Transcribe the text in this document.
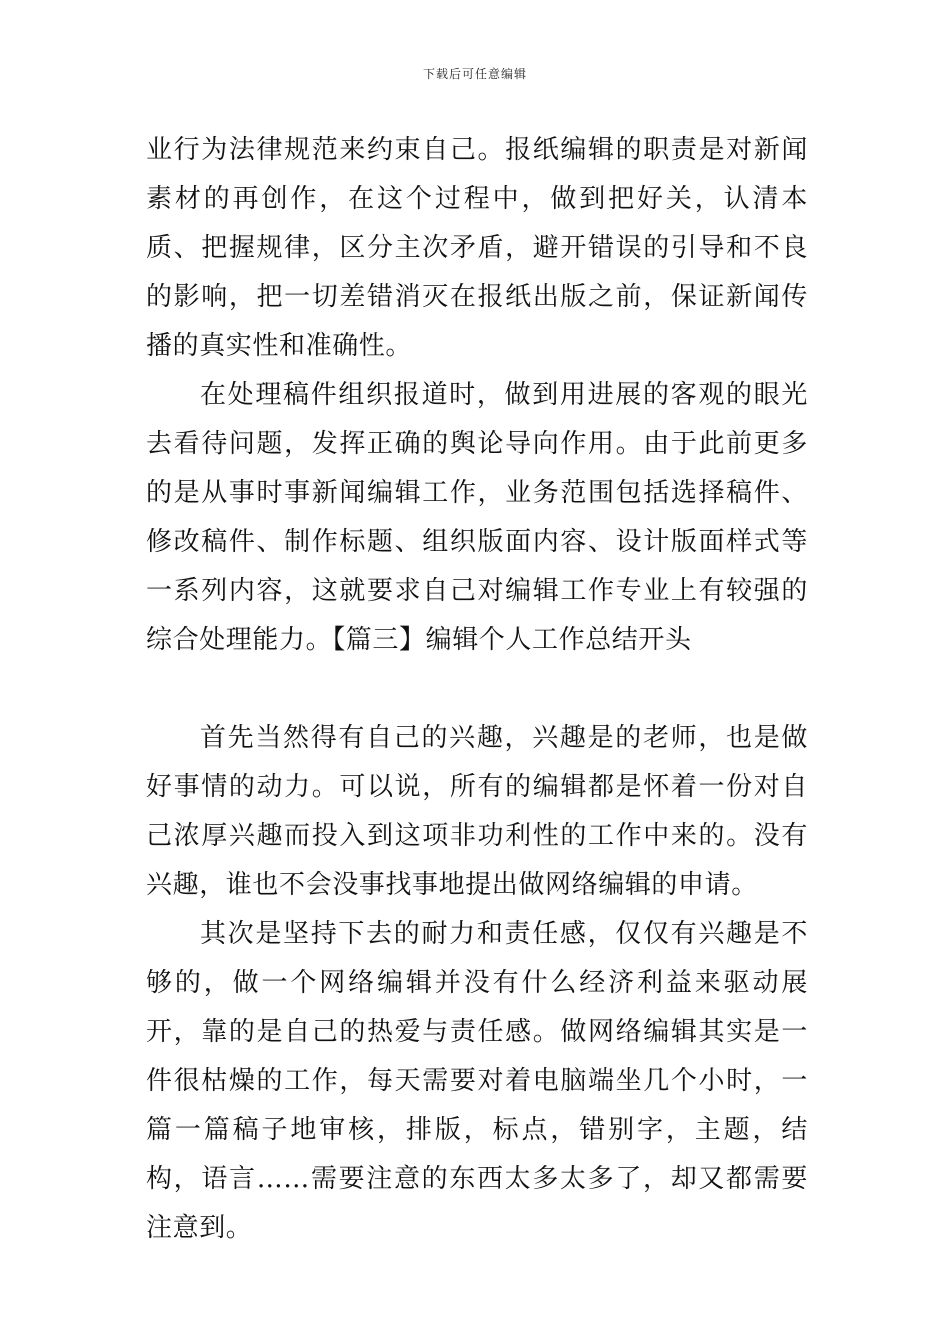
下载后可任意编辑

业行为法律规范来约束自己。报纸编辑的职责是对新闻素材的再创作，在这个过程中，做到把好关，认清本质、把握规律，区分主次矛盾，避开错误的引导和不良的影响，把一切差错消灭在报纸出版之前，保证新闻传播的真实性和准确性。

在处理稿件组织报道时，做到用进展的客观的眼光去看待问题，发挥正确的舆论导向作用。由于此前更多的是从事时事新闻编辑工作，业务范围包括选择稿件、修改稿件、制作标题、组织版面内容、设计版面样式等一系列内容，这就要求自己对编辑工作专业上有较强的综合处理能力。【篇三】编辑个人工作总结开头

首先当然得有自己的兴趣，兴趣是的老师，也是做好事情的动力。可以说，所有的编辑都是怀着一份对自己浓厚兴趣而投入到这项非功利性的工作中来的。没有兴趣，谁也不会没事找事地提出做网络编辑的申请。

其次是坚持下去的耐力和责任感，仅仅有兴趣是不够的，做一个网络编辑并没有什么经济利益来驱动展开，靠的是自己的热爱与责任感。做网络编辑其实是一件很枯燥的工作，每天需要对着电脑端坐几个小时，一篇一篇稿子地审核，排版，标点，错别字，主题，结构，语言……需要注意的东西太多太多了，却又都需要注意到。
